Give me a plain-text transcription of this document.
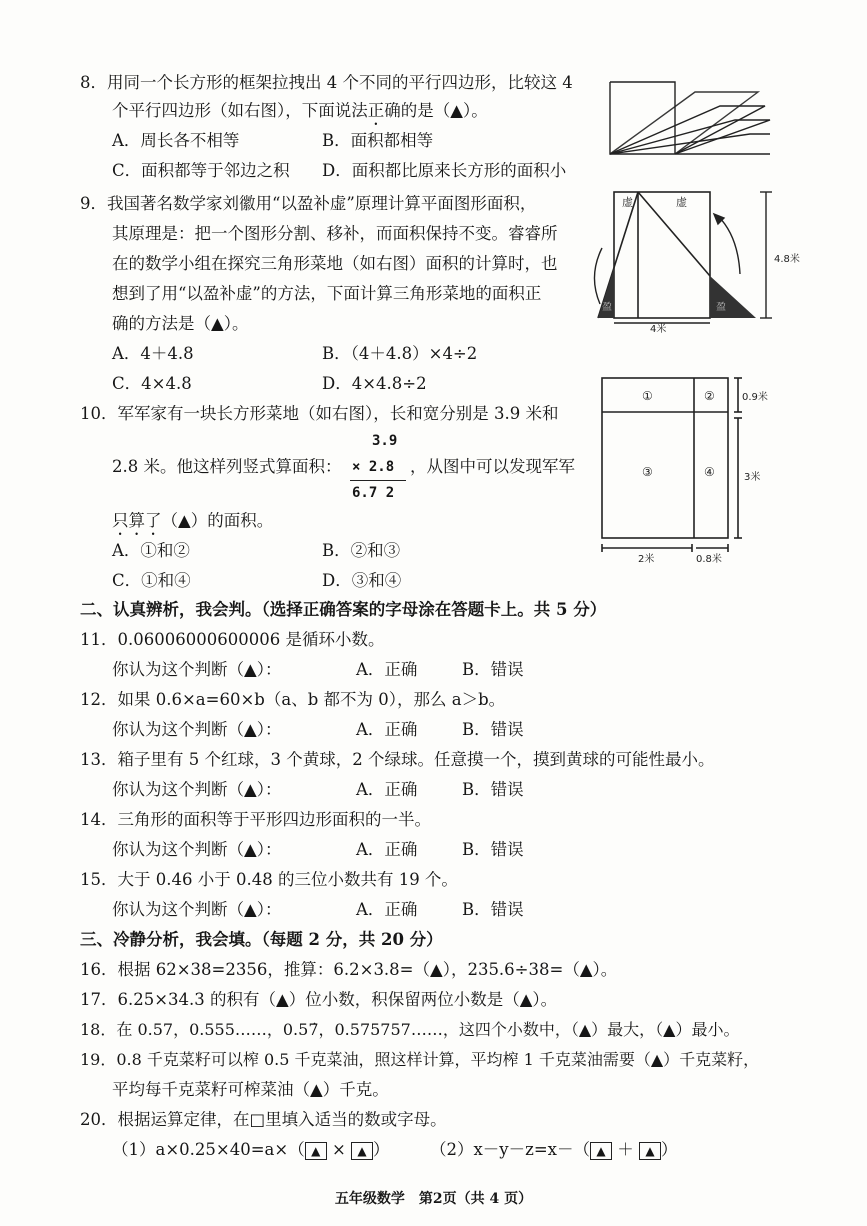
8．用同一个长方形的框架拉拽出 4 个不同的平行四边形，比较这 4
个平行四边形（如右图），下面说法正确的是（▲）。
A．周长各不相等	B．面积都相等
C．面积都等于邻边之积 D．面积都比原来长方形的面积小
9．我国著名数学家刘徽用“以盈补虚”原理计算平面图形面积，
其原理是：把一个图形分割、移补，而面积保持不变。睿睿所
在的数学小组在探究三角形菜地（如右图）面积的计算时，也
想到了用“以盈补虚”的方法，下面计算三角形菜地的面积正
确的方法是（▲）。
A．4＋4.8	B．（4＋4.8）×4÷2
C．4×4.8	D．4×4.8÷2
虚	虚
盈	盈
4.8米
4米
10．军军家有一块长方形菜地（如右图），长和宽分别是 3.9 米和
3.9
2.8 米。他这样列竖式算面积： × 2.8 ，从图中可以发现军军
6.7 2
只算了（▲）的面积。
A．①和②	B．②和③
C．①和④	D．③和④
①	②
③	④
0.9米
3米
2米	0.8米
二、认真辨析，我会判。（选择正确答案的字母涂在答题卡上。共 5 分）
11．0.06006000600006 是循环小数。
你认为这个判断（▲）：	A．正确	B．错误
12．如果 0.6×a=60×b（a、b 都不为 0），那么 a＞b。
你认为这个判断（▲）：	A．正确	B．错误
13．箱子里有 5 个红球，3 个黄球，2 个绿球。任意摸一个，摸到黄球的可能性最小。
你认为这个判断（▲）：	A．正确	B．错误
14．三角形的面积等于平形四边形面积的一半。
你认为这个判断（▲）：	A．正确	B．错误
15．大于 0.46 小于 0.48 的三位小数共有 19 个。
你认为这个判断（▲）：	A．正确	B．错误
三、冷静分析，我会填。（每题 2 分，共 20 分）
16．根据 62×38=2356，推算：6.2×3.8=（▲），235.6÷38=（▲）。
17．6.25×34.3 的积有（▲）位小数，积保留两位小数是（▲）。
18．在 0.57，0.555……，0.57̇，0.575757……，这四个小数中，（▲）最大，（▲）最小。
19．0.8 千克菜籽可以榨 0.5 千克菜油，照这样计算，平均榨 1 千克菜油需要（▲）千克菜籽，
平均每千克菜籽可榨菜油（▲）千克。
20．根据运算定律，在□里填入适当的数或字母。
（1）a×0.25×40=a×（ ▲ × ▲ ） （2）x－y－z=x－（ ▲ ＋ ▲ ）
五年级数学　第2页（共 4 页）
